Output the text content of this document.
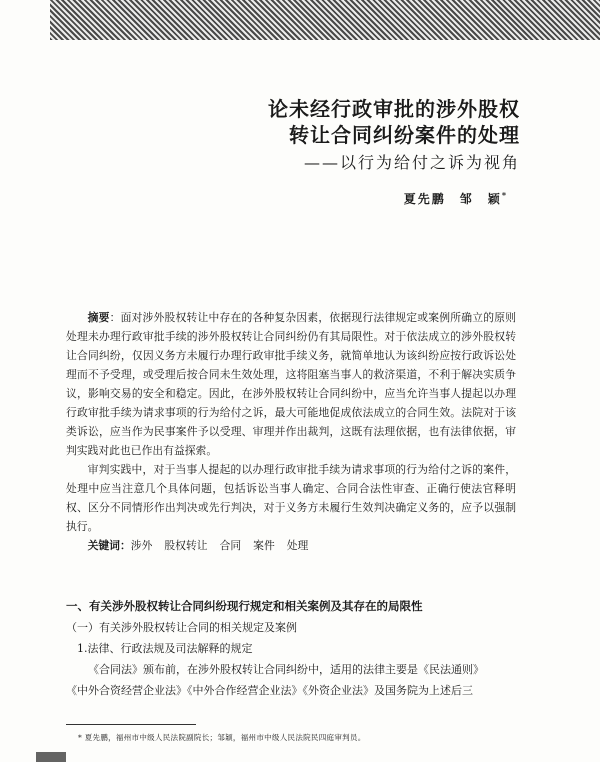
论未经行政审批的涉外股权
转让合同纠纷案件的处理
——以行为给付之诉为视角
夏先鹏　邹　颖*

摘要：面对涉外股权转让中存在的各种复杂因素，依据现行法律规定或案例所确立的原则处理未办理行政审批手续的涉外股权转让合同纠纷仍有其局限性。对于依法成立的涉外股权转让合同纠纷，仅因义务方未履行办理行政审批手续义务，就简单地认为该纠纷应按行政诉讼处理而不予受理，或受理后按合同未生效处理，这将阻塞当事人的救济渠道，不利于解决实质争议，影响交易的安全和稳定。因此，在涉外股权转让合同纠纷中，应当允许当事人提起以办理行政审批手续为请求事项的行为给付之诉，最大可能地促成依法成立的合同生效。法院对于该类诉讼，应当作为民事案件予以受理、审理并作出裁判，这既有法理依据，也有法律依据，审判实践对此也已作出有益探索。

审判实践中，对于当事人提起的以办理行政审批手续为请求事项的行为给付之诉的案件，处理中应当注意几个具体问题，包括诉讼当事人确定、合同合法性审查、正确行使法官释明权、区分不同情形作出判决或先行判决，对于义务方未履行生效判决确定义务的，应予以强制执行。

关键词：涉外 股权转让 合同 案件 处理

一、有关涉外股权转让合同纠纷现行规定和相关案例及其存在的局限性

（一）有关涉外股权转让合同的相关规定及案例

1.法律、行政法规及司法解释的规定

《合同法》颁布前，在涉外股权转让合同纠纷中，适用的法律主要是《民法通则》

《中外合资经营企业法》《中外合作经营企业法》《外资企业法》及国务院为上述后三

* 夏先鹏，福州市中级人民法院副院长；邹颖，福州市中级人民法院民四庭审判员。
